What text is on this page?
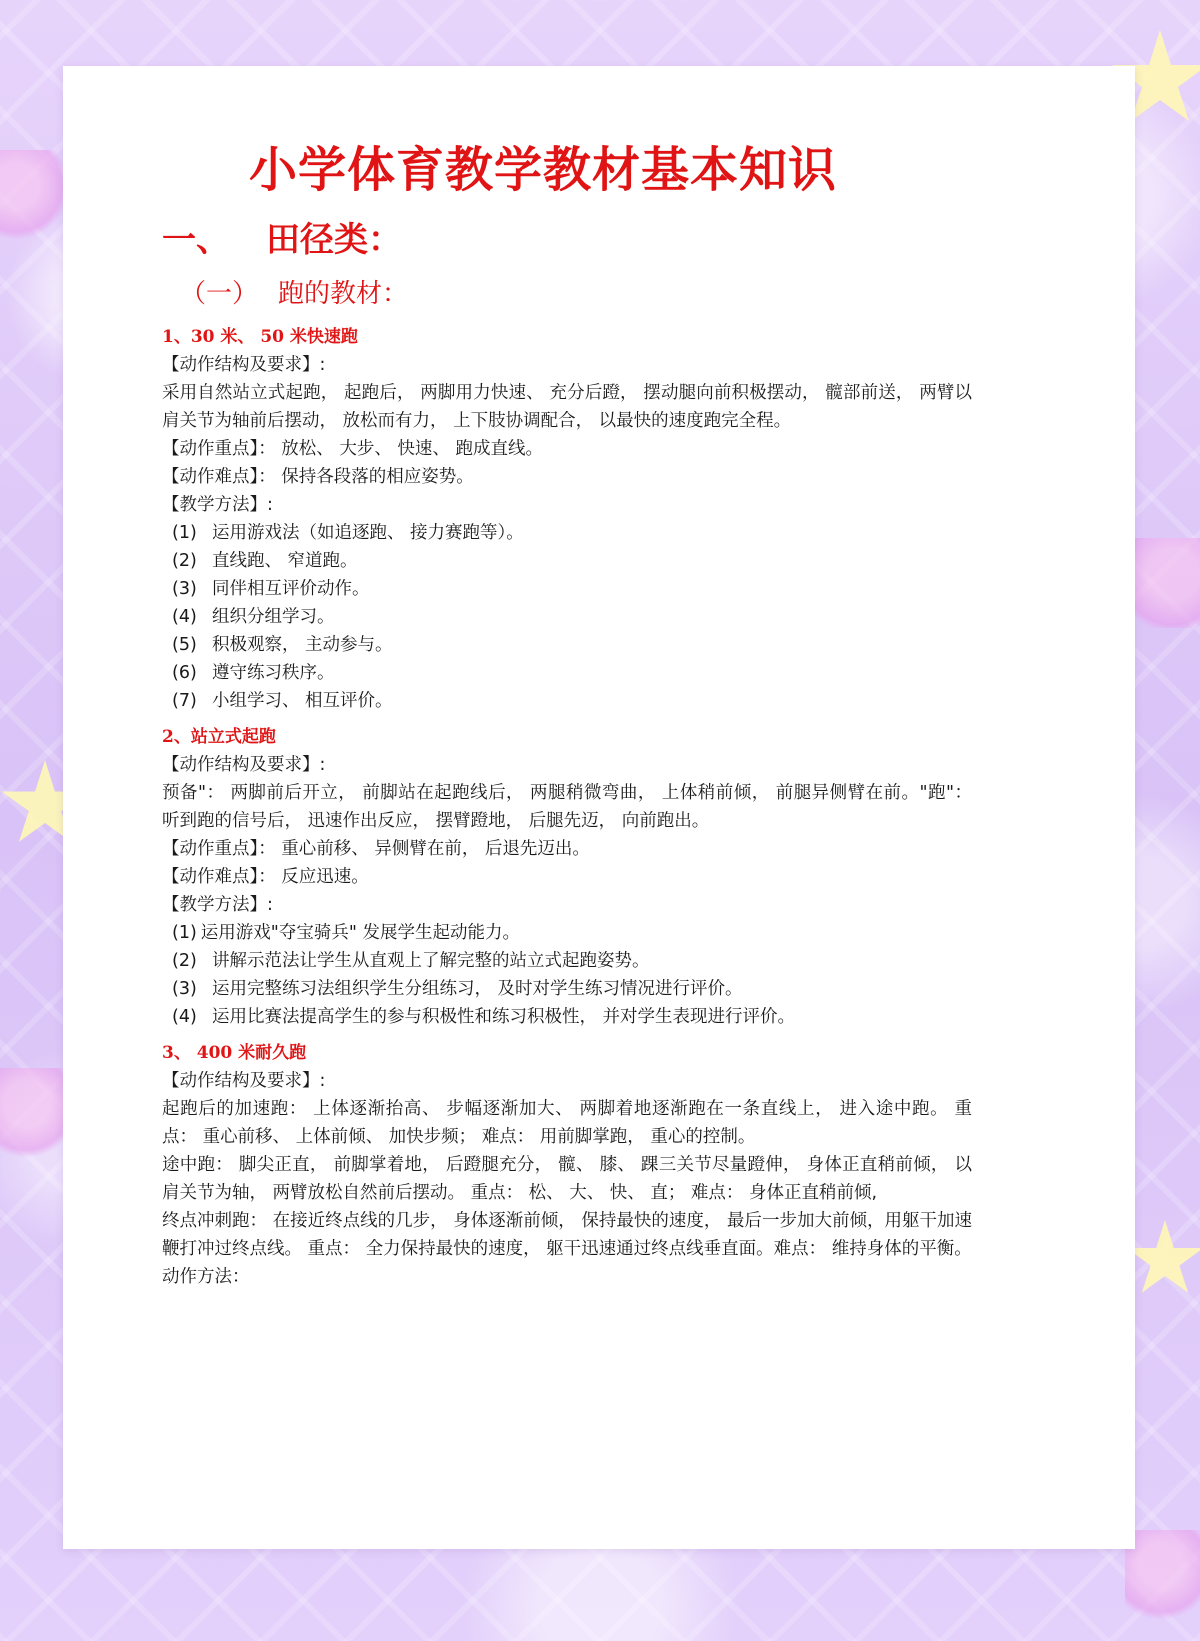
小学体育教学教材基本知识
一、 田径类：
（一） 跑的教材：
1、30 米、 50 米快速跑
【动作结构及要求】:
采用自然站立式起跑， 起跑后， 两脚用力快速、 充分后蹬， 摆动腿向前积极摆动， 髋部前送， 两臂以肩关节为轴前后摆动， 放松而有力， 上下肢协调配合， 以最快的速度跑完全程。
【动作重点】： 放松、 大步、 快速、 跑成直线。
【动作难点】： 保持各段落的相应姿势。
【教学方法】:
(1) 运用游戏法（如追逐跑、 接力赛跑等）。
(2) 直线跑、 窄道跑。
(3) 同伴相互评价动作。
(4) 组织分组学习。
(5) 积极观察， 主动参与。
(6) 遵守练习秩序。
(7) 小组学习、 相互评价。
2、站立式起跑
【动作结构及要求】:
预备"： 两脚前后开立， 前脚站在起跑线后， 两腿稍微弯曲， 上体稍前倾， 前腿异侧臂在前。"跑"： 听到跑的信号后， 迅速作出反应， 摆臂蹬地， 后腿先迈， 向前跑出。
【动作重点】： 重心前移、 异侧臂在前， 后退先迈出。
【动作难点】： 反应迅速。
【教学方法】:
(1) 运用游戏"夺宝骑兵" 发展学生起动能力。
(2) 讲解示范法让学生从直观上了解完整的站立式起跑姿势。
(3) 运用完整练习法组织学生分组练习， 及时对学生练习情况进行评价。
(4) 运用比赛法提高学生的参与积极性和练习积极性， 并对学生表现进行评价。
3、 400 米耐久跑
【动作结构及要求】:
起跑后的加速跑： 上体逐渐抬高、 步幅逐渐加大、 两脚着地逐渐跑在一条直线上， 进入途中跑。 重点： 重心前移、 上体前倾、 加快步频； 难点： 用前脚掌跑， 重心的控制。
途中跑： 脚尖正直， 前脚掌着地， 后蹬腿充分， 髋、 膝、 踝三关节尽量蹬伸， 身体正直稍前倾， 以肩关节为轴， 两臂放松自然前后摆动。 重点： 松、 大、 快、 直； 难点： 身体正直稍前倾,
终点冲刺跑： 在接近终点线的几步， 身体逐渐前倾， 保持最快的速度， 最后一步加大前倾，用躯干加速鞭打冲过终点线。 重点： 全力保持最快的速度， 躯干迅速通过终点线垂直面。难点： 维持身体的平衡。
动作方法：
